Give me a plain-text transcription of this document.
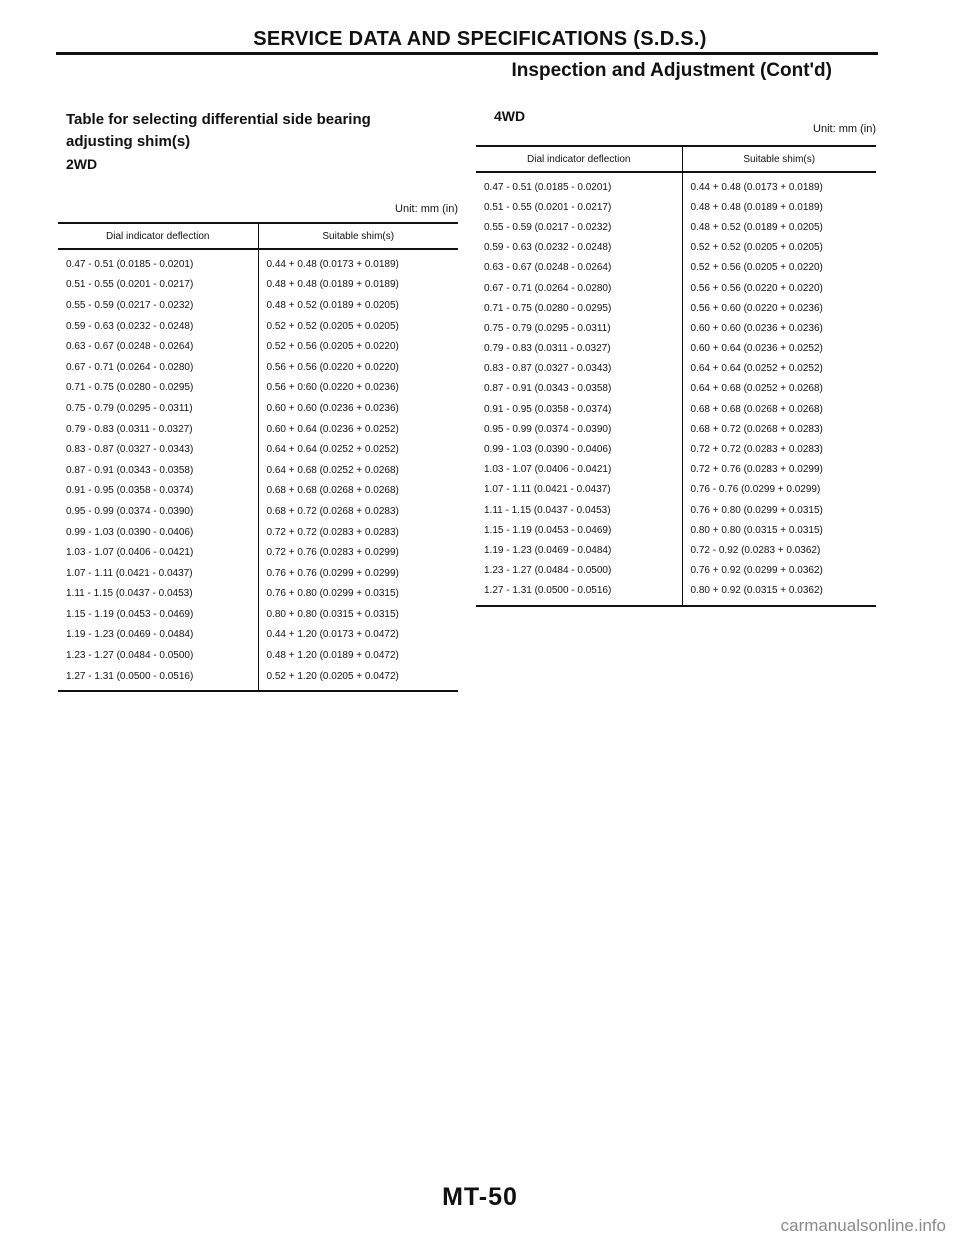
SERVICE DATA AND SPECIFICATIONS (S.D.S.)
Inspection and Adjustment (Cont'd)
Table for selecting differential side bearing
adjusting shim(s)
2WD
Unit: mm (in)
Dial indicator deflection	Suitable shim(s)
0.47 - 0.51 (0.0185 - 0.0201)	0.44 + 0.48 (0.0173 + 0.0189)
0.51 - 0.55 (0.0201 - 0.0217)	0.48 + 0.48 (0.0189 + 0.0189)
0.55 - 0.59 (0.0217 - 0.0232)	0.48 + 0.52 (0.0189 + 0.0205)
0.59 - 0.63 (0.0232 - 0.0248)	0.52 + 0.52 (0.0205 + 0.0205)
0.63 - 0.67 (0.0248 - 0.0264)	0.52 + 0.56 (0.0205 + 0.0220)
0.67 - 0.71 (0.0264 - 0.0280)	0.56 + 0.56 (0.0220 + 0.0220)
0.71 - 0.75 (0.0280 - 0.0295)	0.56 + 0:60 (0.0220 + 0.0236)
0.75 - 0.79 (0.0295 - 0.0311)	0.60 + 0.60 (0.0236 + 0.0236)
0.79 - 0.83 (0.0311 - 0.0327)	0.60 + 0.64 (0.0236 + 0.0252)
0.83 - 0.87 (0.0327 - 0.0343)	0.64 + 0.64 (0.0252 + 0.0252)
0.87 - 0.91 (0.0343 - 0.0358)	0.64 + 0.68 (0.0252 + 0.0268)
0.91 - 0.95 (0.0358 - 0.0374)	0.68 + 0.68 (0.0268 + 0.0268)
0.95 - 0.99 (0.0374 - 0.0390)	0.68 + 0.72 (0.0268 + 0.0283)
0.99 - 1.03 (0.0390 - 0.0406)	0.72 + 0.72 (0.0283 + 0.0283)
1.03 - 1.07 (0.0406 - 0.0421)	0.72 + 0.76 (0.0283 + 0.0299)
1.07 - 1.11 (0.0421 - 0.0437)	0.76 + 0.76 (0.0299 + 0.0299)
1.11 - 1.15 (0.0437 - 0.0453)	0.76 + 0.80 (0.0299 + 0.0315)
1.15 - 1.19 (0.0453 - 0.0469)	0.80 + 0.80 (0.0315 + 0.0315)
1.19 - 1.23 (0.0469 - 0.0484)	0.44 + 1.20 (0.0173 + 0.0472)
1.23 - 1.27 (0.0484 - 0.0500)	0.48 + 1.20 (0.0189 + 0.0472)
1.27 - 1.31 (0.0500 - 0.0516)	0.52 + 1.20 (0.0205 + 0.0472)
4WD
Unit: mm (in)
Dial indicator deflection	Suitable shim(s)
0.47 - 0.51 (0.0185 - 0.0201)	0.44 + 0.48 (0.0173 + 0.0189)
0.51 - 0.55 (0.0201 - 0.0217)	0.48 + 0.48 (0.0189 + 0.0189)
0.55 - 0.59 (0.0217 - 0.0232)	0.48 + 0.52 (0.0189 + 0.0205)
0.59 - 0.63 (0.0232 - 0.0248)	0.52 + 0.52 (0.0205 + 0.0205)
0.63 - 0.67 (0.0248 - 0.0264)	0.52 + 0.56 (0.0205 + 0.0220)
0.67 - 0.71 (0.0264 - 0.0280)	0.56 + 0.56 (0.0220 + 0.0220)
0.71 - 0.75 (0.0280 - 0.0295)	0.56 + 0.60 (0.0220 + 0.0236)
0.75 - 0.79 (0.0295 - 0.0311)	0.60 + 0.60 (0.0236 + 0.0236)
0.79 - 0.83 (0.0311 - 0.0327)	0.60 + 0.64 (0.0236 + 0.0252)
0.83 - 0.87 (0.0327 - 0.0343)	0.64 + 0.64 (0.0252 + 0.0252)
0.87 - 0.91 (0.0343 - 0.0358)	0.64 + 0.68 (0.0252 + 0.0268)
0.91 - 0.95 (0.0358 - 0.0374)	0.68 + 0.68 (0.0268 + 0.0268)
0.95 - 0.99 (0.0374 - 0.0390)	0.68 + 0.72 (0.0268 + 0.0283)
0.99 - 1.03 (0.0390 - 0.0406)	0.72 + 0.72 (0.0283 + 0.0283)
1.03 - 1.07 (0.0406 - 0.0421)	0.72 + 0.76 (0.0283 + 0.0299)
1.07 - 1.11 (0.0421 - 0.0437)	0.76 - 0.76 (0.0299 + 0.0299)
1.11 - 1.15 (0.0437 - 0.0453)	0.76 + 0.80 (0.0299 + 0.0315)
1.15 - 1.19 (0.0453 - 0.0469)	0.80 + 0.80 (0.0315 + 0.0315)
1.19 - 1.23 (0.0469 - 0.0484)	0.72 - 0.92 (0.0283 + 0.0362)
1.23 - 1.27 (0.0484 - 0.0500)	0.76 + 0.92 (0.0299 + 0.0362)
1.27 - 1.31 (0.0500 - 0.0516)	0.80 + 0.92 (0.0315 + 0.0362)
MT-50
carmanualsonline.info
